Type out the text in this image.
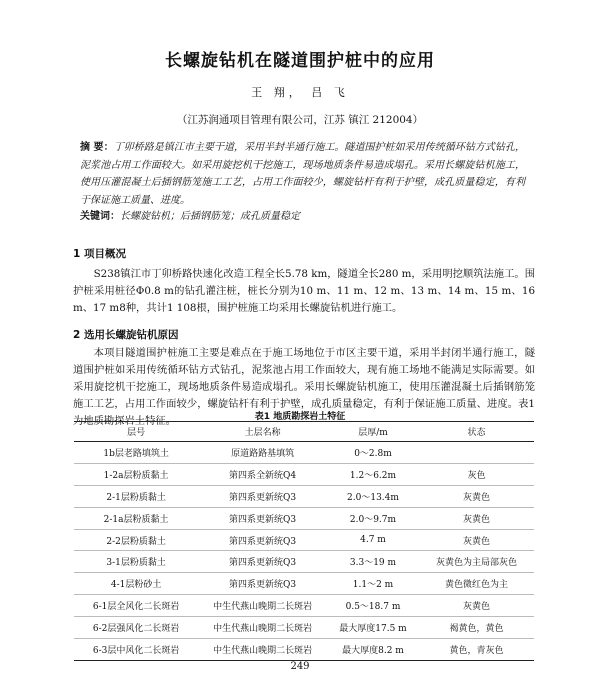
长螺旋钻机在隧道围护桩中的应用
王 翔， 吕 飞
（江苏润通项目管理有限公司，江苏 镇江 212004）
摘 要：丁卯桥路是镇江市主要干道，采用半封半通行施工。隧道围护桩如采用传统循环钻方式钻孔，泥浆池占用工作面较大。如采用旋挖机干挖施工，现场地质条件易造成塌孔。采用长螺旋钻机施工，使用压灌混凝土后插钢筋笼施工工艺，占用工作面较少，螺旋钻杆有利于护壁，成孔质量稳定，有利于保证施工质量、进度。
关键词：长螺旋钻机；后插钢筋笼；成孔质量稳定
1 项目概况

S238镇江市丁卯桥路快速化改造工程全长5.78 km，隧道全长280 m，采用明挖顺筑法施工。围护桩采用桩径Φ0.8 m的钻孔灌注桩，桩长分别为10 m、11 m、12 m、13 m、14 m、15 m、16 m、17 m8种，共计1 108根，围护桩施工均采用长螺旋钻机进行施工。

2 选用长螺旋钻机原因

本项目隧道围护桩施工主要是难点在于施工场地位于市区主要干道，采用半封闭半通行施工，隧道围护桩如采用传统循环钻方式钻孔，泥浆池占用工作面较大，现有施工场地不能满足实际需要。如采用旋挖机干挖施工，现场地质条件易造成塌孔。采用长螺旋钻机施工，使用压灌混凝土后插钢筋笼施工工艺，占用工作面较少，螺旋钻杆有利于护壁，成孔质量稳定，有利于保证施工质量、进度。表1为地质勘探岩土特征。	表1 地质勘探岩土特征
层号	土层名称	层厚/m	状态
1b层老路填筑土	原道路路基填筑	0～2.8m	
1-2a层粉质黏土	第四系全新统Q4	1.2～6.2m	灰色
2-1层粉质黏土	第四系更新统Q3	2.0～13.4m	灰黄色
2-1a层粉质黏土	第四系更新统Q3	2.0～9.7m	灰黄色
2-2层粉质黏土	第四系更新统Q3	4.7 m	灰黄色
3-1层粉质黏土	第四系更新统Q3	3.3～19 m	灰黄色为主局部灰色
4-1层粉砂土	第四系更新统Q3	1.1～2 m	黄色微红色为主
6-1层全风化二长斑岩	中生代燕山晚期二长斑岩	0.5～18.7 m	灰黄色
6-2层强风化二长斑岩	中生代燕山晚期二长斑岩	最大厚度17.5 m	褐黄色，黄色
6-3层中风化二长斑岩	中生代燕山晚期二长斑岩	最大厚度8.2 m	黄色，青灰色
249
